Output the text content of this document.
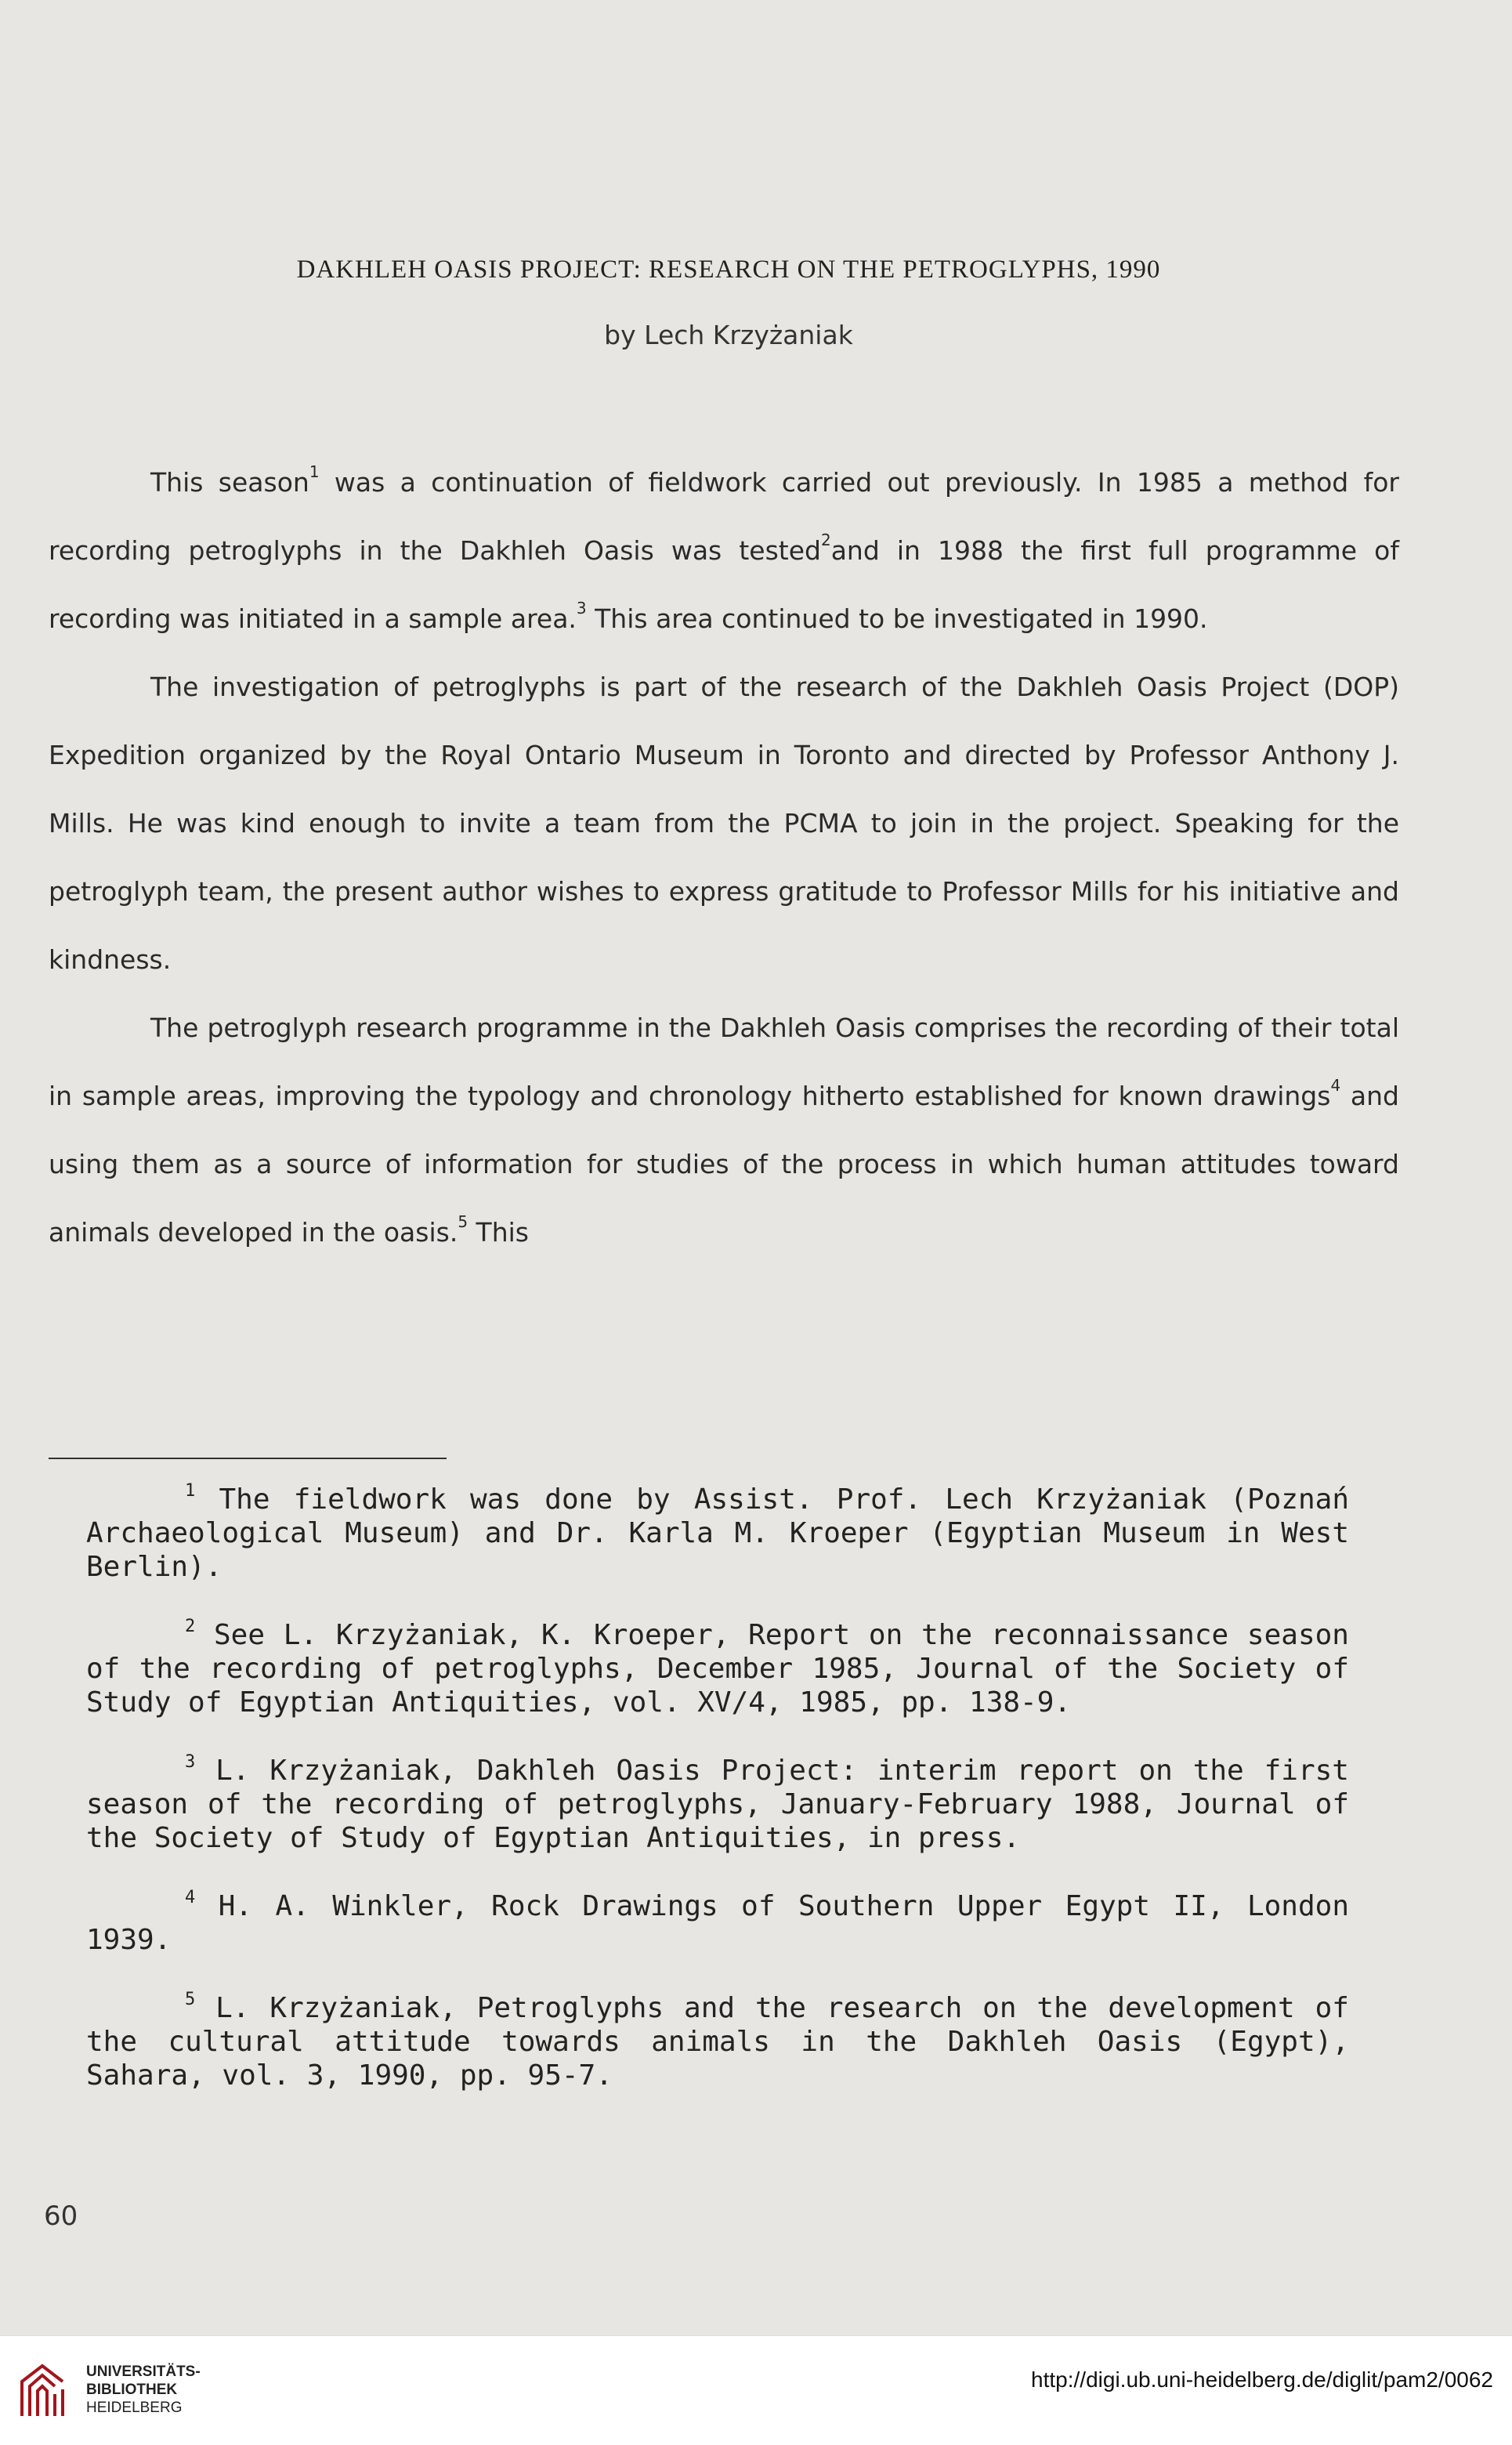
DAKHLEH OASIS PROJECT: RESEARCH ON THE PETROGLYPHS, 1990
by Lech Krzyżaniak

This season$^1$ was a continuation of fieldwork carried out previously. In 1985 a method for recording petroglyphs in the Dakhleh Oasis was tested$^2$and in 1988 the first full programme of recording was initiated in a sample area.$^3$ This area continued to be investigated in 1990.

The investigation of petroglyphs is part of the research of the Dakhleh Oasis Project (DOP) Expedition organized by the Royal Ontario Museum in Toronto and directed by Professor Anthony J. Mills. He was kind enough to invite a team from the PCMA to join in the project. Speaking for the petroglyph team, the present author wishes to express gratitude to Professor Mills for his initiative and kindness.

The petroglyph research programme in the Dakhleh Oasis comprises the recording of their total in sample areas, improving the typology and chronology hitherto established for known drawings$^4$ and using them as a source of information for studies of the process in which human attitudes toward animals developed in the oasis.$^5$ This

$^1$ The fieldwork was done by Assist. Prof. Lech Krzyżaniak (Poznań Archaeological Museum) and Dr. Karla M. Kroeper (Egyptian Museum in West Berlin).

$^2$ See L. Krzyżaniak, K. Kroeper, Report on the reconnaissance season of the recording of petroglyphs, December 1985, Journal of the Society of Study of Egyptian Antiquities, vol. XV/4, 1985, pp. 138-9.

$^3$ L. Krzyżaniak, Dakhleh Oasis Project: interim report on the first season of the recording of petroglyphs, January-February 1988, Journal of the Society of Study of Egyptian Antiquities, in press.

$^4$ H. A. Winkler, Rock Drawings of Southern Upper Egypt II, London 1939.

$^5$ L. Krzyżaniak, Petroglyphs and the research on the development of the cultural attitude towards animals in the Dakhleh Oasis (Egypt), Sahara, vol. 3, 1990, pp. 95-7.

60
UNIVERSITÄTS-
BIBLIOTHEK
HEIDELBERG
http://digi.ub.uni-heidelberg.de/diglit/pam2/0062
